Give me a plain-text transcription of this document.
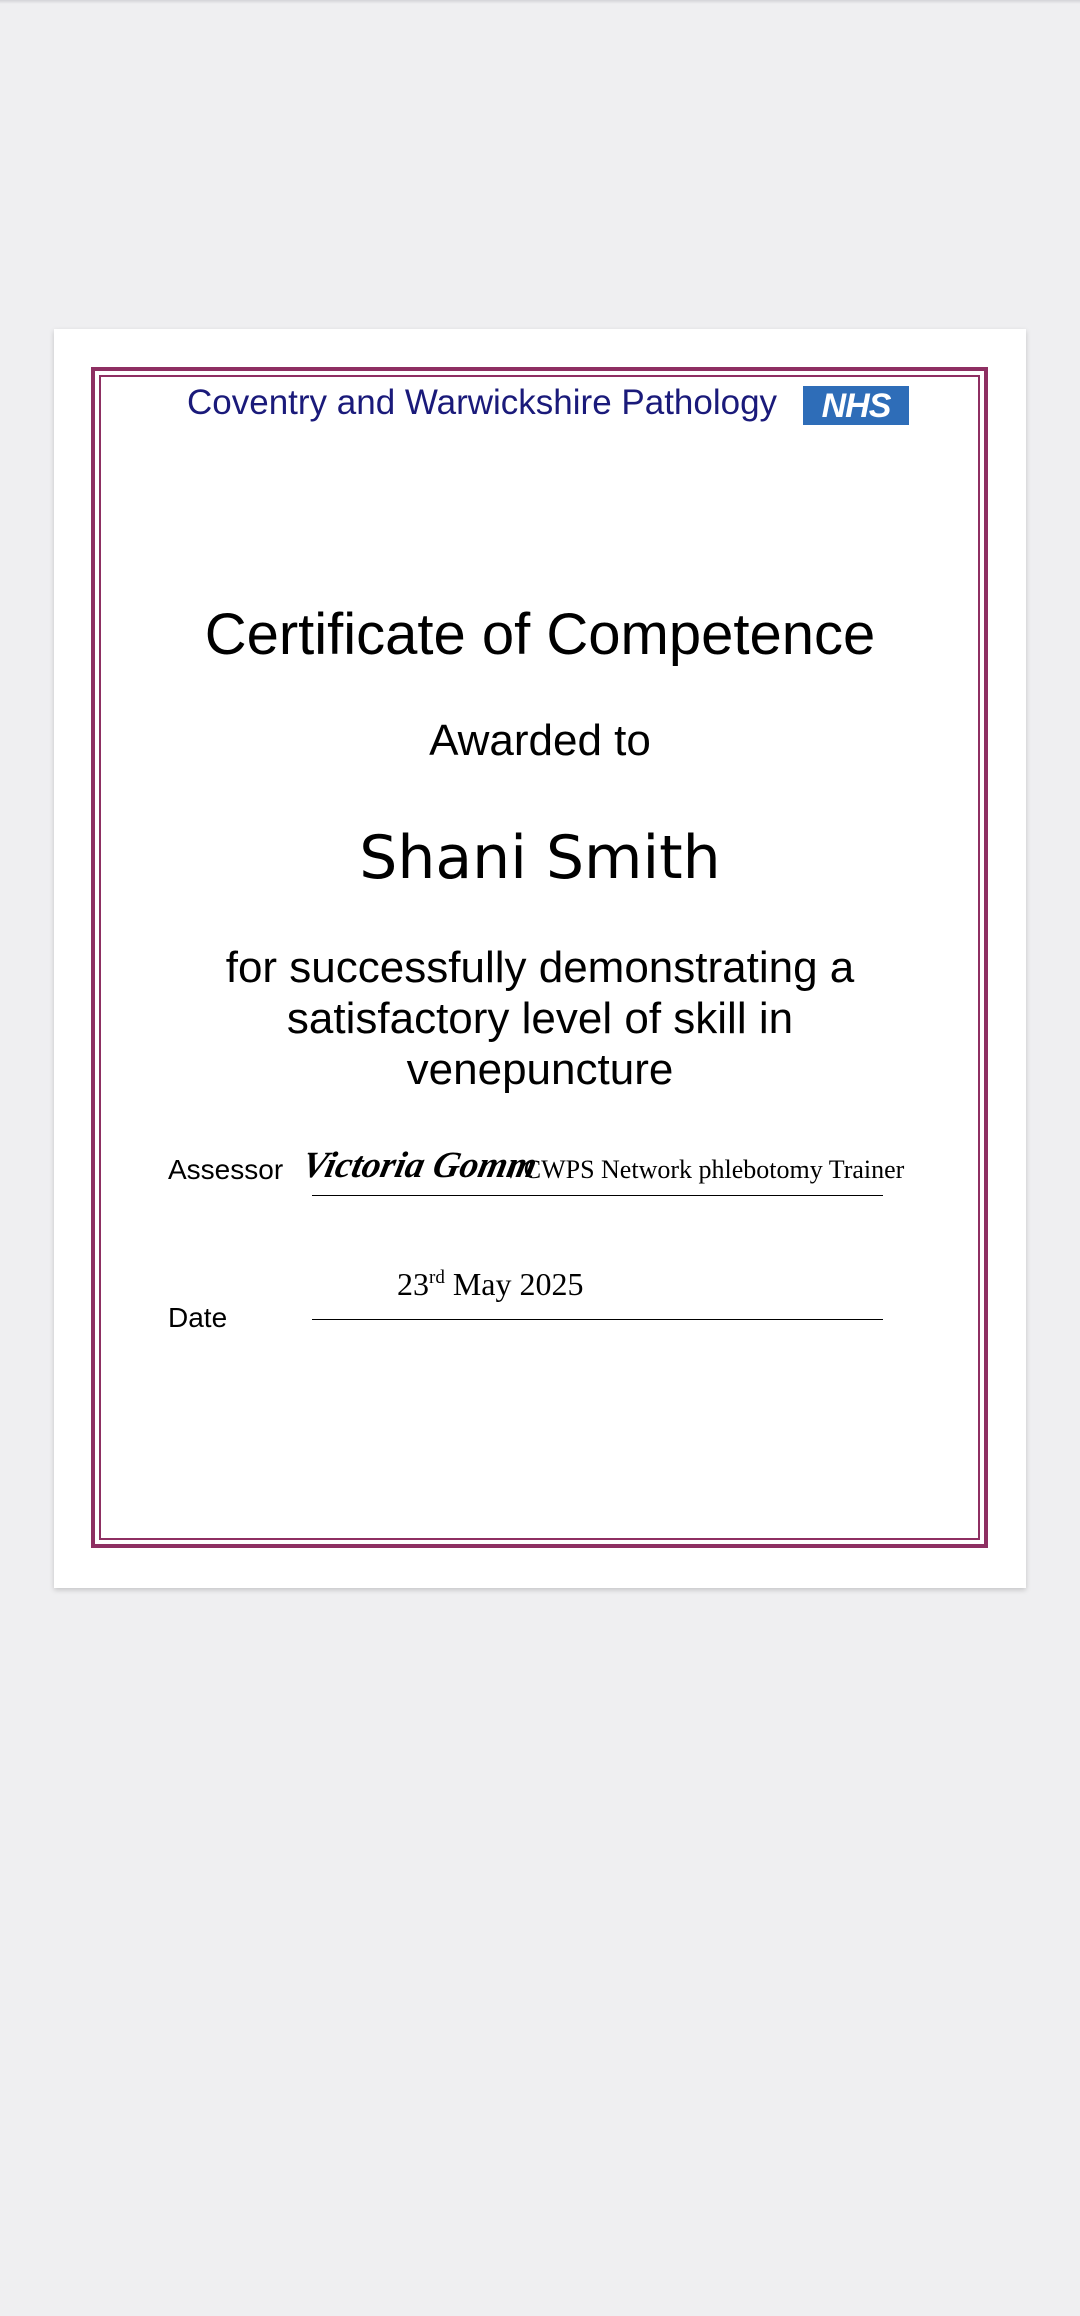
Coventry and Warwickshire Pathology NHS
Certificate of Competence
Awarded to
Shani Smith
for successfully demonstrating a
satisfactory level of skill in
venepuncture
Assessor Victoria Gomm
/ CWPS Network phlebotomy Trainer
Date
23rd May 2025
